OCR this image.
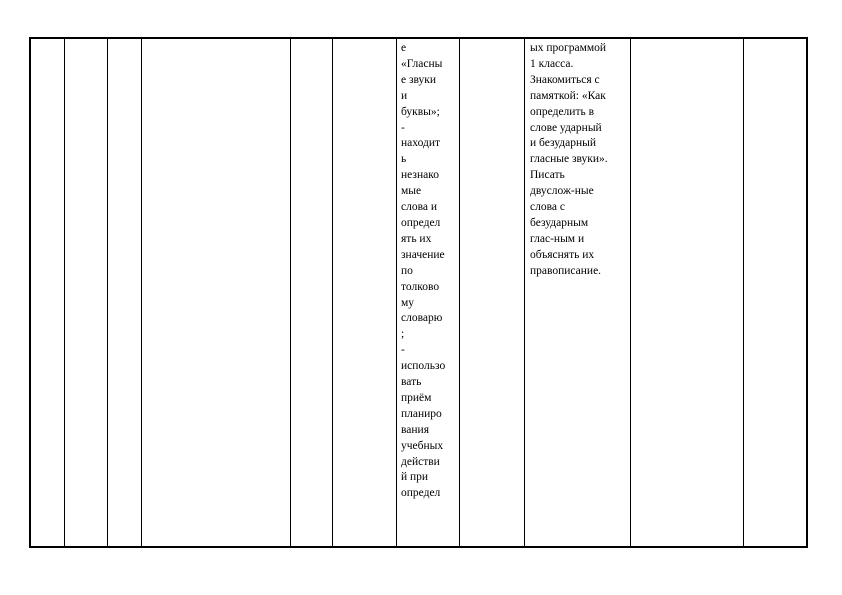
е
«Гласны
е звуки
и
буквы»;
-
находит
ь
незнако
мые
слова и
определ
ять их
значение
по
толково
му
словарю
;
-
использо
вать
приём
планиро
вания
учебных
действи
й при
определ
ых программой
1 класса.
Знакомиться с
памяткой: «Как
определить в
слове ударный
и безударный
гласные звуки».
Писать
двуслож-ные
слова с
безударным
глас-ным и
объяснять их
правописание.
